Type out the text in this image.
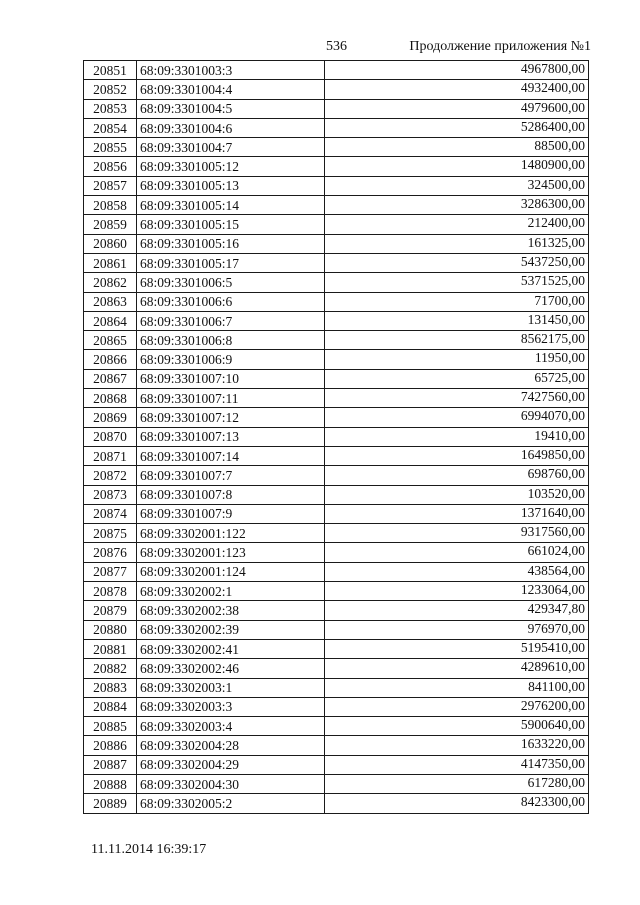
536	Продолжение приложения №1
20851	68:09:3301003:3	4967800,00
20852	68:09:3301004:4	4932400,00
20853	68:09:3301004:5	4979600,00
20854	68:09:3301004:6	5286400,00
20855	68:09:3301004:7	88500,00
20856	68:09:3301005:12	1480900,00
20857	68:09:3301005:13	324500,00
20858	68:09:3301005:14	3286300,00
20859	68:09:3301005:15	212400,00
20860	68:09:3301005:16	161325,00
20861	68:09:3301005:17	5437250,00
20862	68:09:3301006:5	5371525,00
20863	68:09:3301006:6	71700,00
20864	68:09:3301006:7	131450,00
20865	68:09:3301006:8	8562175,00
20866	68:09:3301006:9	11950,00
20867	68:09:3301007:10	65725,00
20868	68:09:3301007:11	7427560,00
20869	68:09:3301007:12	6994070,00
20870	68:09:3301007:13	19410,00
20871	68:09:3301007:14	1649850,00
20872	68:09:3301007:7	698760,00
20873	68:09:3301007:8	103520,00
20874	68:09:3301007:9	1371640,00
20875	68:09:3302001:122	9317560,00
20876	68:09:3302001:123	661024,00
20877	68:09:3302001:124	438564,00
20878	68:09:3302002:1	1233064,00
20879	68:09:3302002:38	429347,80
20880	68:09:3302002:39	976970,00
20881	68:09:3302002:41	5195410,00
20882	68:09:3302002:46	4289610,00
20883	68:09:3302003:1	841100,00
20884	68:09:3302003:3	2976200,00
20885	68:09:3302003:4	5900640,00
20886	68:09:3302004:28	1633220,00
20887	68:09:3302004:29	4147350,00
20888	68:09:3302004:30	617280,00
20889	68:09:3302005:2	8423300,00
11.11.2014 16:39:17
